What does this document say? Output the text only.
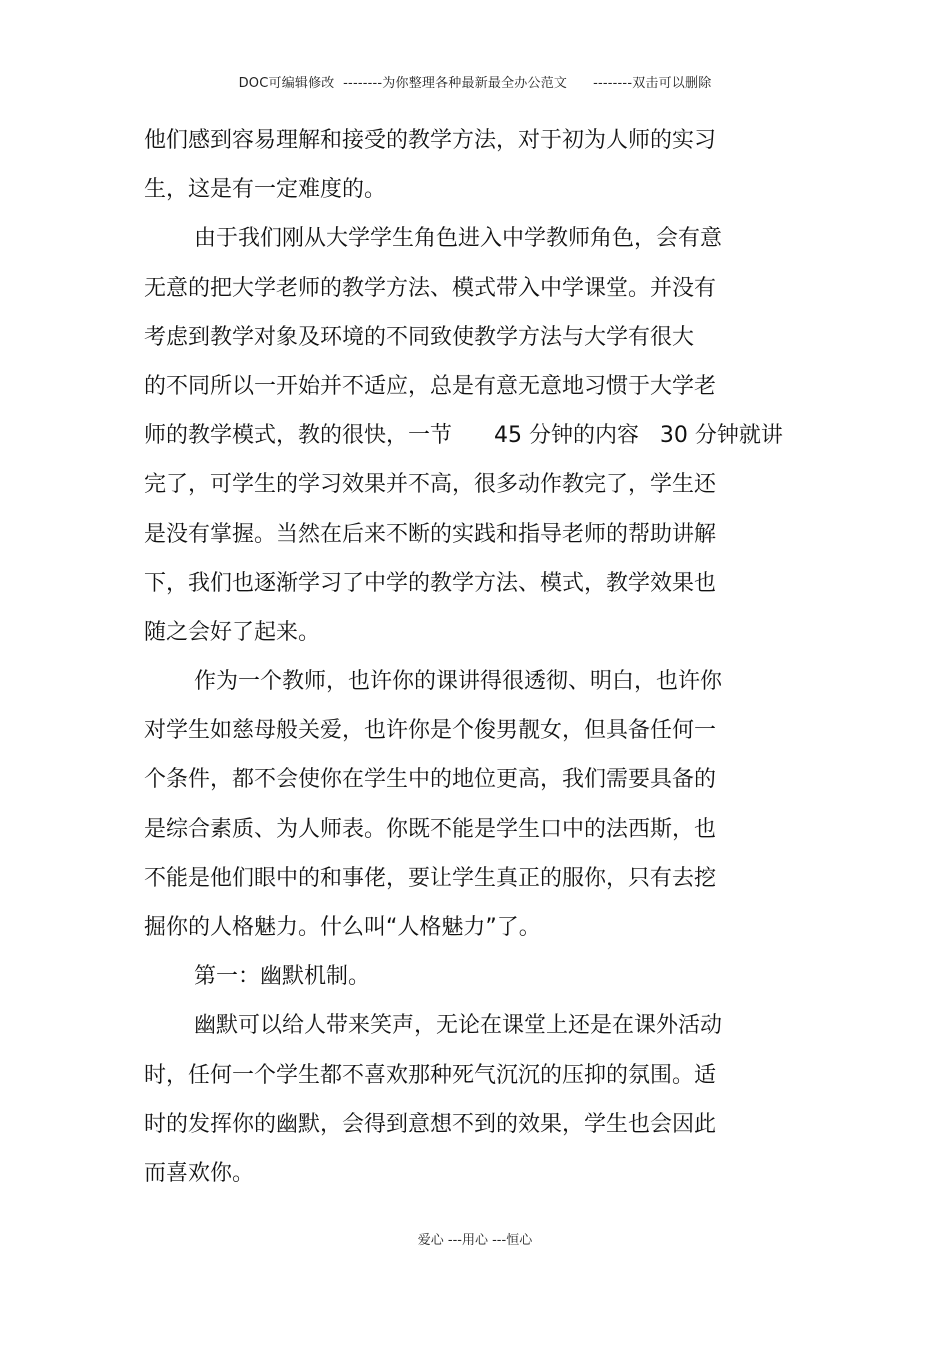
DOC可编辑修改  --------为你整理各种最新最全办公范文      --------双击可以删除
他们感到容易理解和接受的教学方法，对于初为人师的实习
生，这是有一定难度的。
由于我们刚从大学学生角色进入中学教师角色，会有意
无意的把大学老师的教学方法、模式带入中学课堂。并没有
考虑到教学对象及环境的不同致使教学方法与大学有很大
的不同所以一开始并不适应，总是有意无意地习惯于大学老
师的教学模式，教的很快，一节      45 分钟的内容   30 分钟就讲
完了，可学生的学习效果并不高，很多动作教完了，学生还
是没有掌握。当然在后来不断的实践和指导老师的帮助讲解
下，我们也逐渐学习了中学的教学方法、模式，教学效果也
随之会好了起来。
作为一个教师，也许你的课讲得很透彻、明白，也许你
对学生如慈母般关爱，也许你是个俊男靓女，但具备任何一
个条件，都不会使你在学生中的地位更高，我们需要具备的
是综合素质、为人师表。你既不能是学生口中的法西斯，也
不能是他们眼中的和事佬，要让学生真正的服你，只有去挖
掘你的人格魅力。什么叫“人格魅力”了。
第一：幽默机制。
幽默可以给人带来笑声，无论在课堂上还是在课外活动
时，任何一个学生都不喜欢那种死气沉沉的压抑的氛围。适
时的发挥你的幽默，会得到意想不到的效果，学生也会因此
而喜欢你。
爱心 ---用心 ---恒心
